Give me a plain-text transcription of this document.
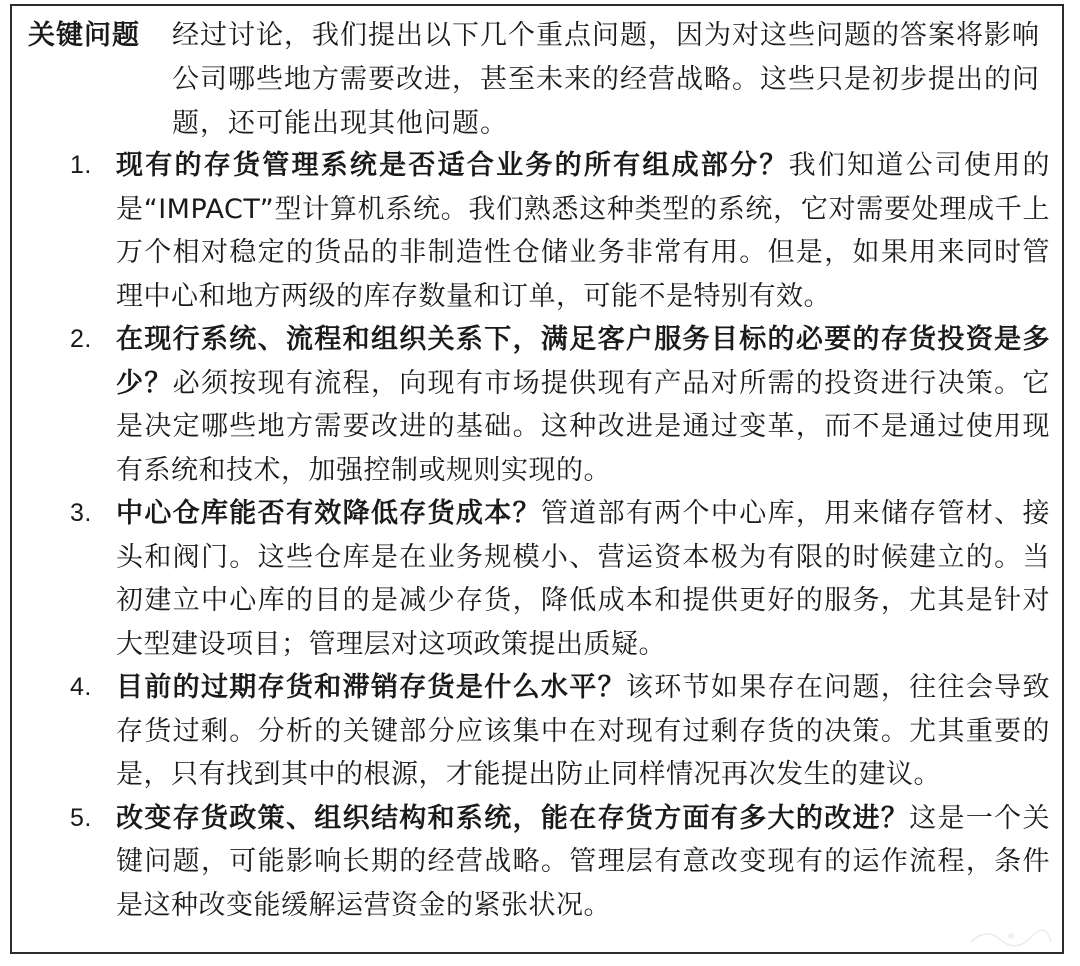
关键问题 经过讨论，我们提出以下几个重点问题，因为对这些问题的答案将影响公司哪些地方需要改进，甚至未来的经营战略。这些只是初步提出的问题，还可能出现其他问题。
1. 现有的存货管理系统是否适合业务的所有组成部分？我们知道公司使用的是“IMPACT”型计算机系统。我们熟悉这种类型的系统，它对需要处理成千上万个相对稳定的货品的非制造性仓储业务非常有用。但是，如果用来同时管理中心和地方两级的库存数量和订单，可能不是特别有效。
2. 在现行系统、流程和组织关系下，满足客户服务目标的必要的存货投资是多少？必须按现有流程，向现有市场提供现有产品对所需的投资进行决策。它是决定哪些地方需要改进的基础。这种改进是通过变革，而不是通过使用现有系统和技术，加强控制或规则实现的。
3. 中心仓库能否有效降低存货成本？管道部有两个中心库，用来储存管材、接头和阀门。这些仓库是在业务规模小、营运资本极为有限的时候建立的。当初建立中心库的目的是减少存货，降低成本和提供更好的服务，尤其是针对大型建设项目；管理层对这项政策提出质疑。
4. 目前的过期存货和滞销存货是什么水平？该环节如果存在问题，往往会导致存货过剩。分析的关键部分应该集中在对现有过剩存货的决策。尤其重要的是，只有找到其中的根源，才能提出防止同样情况再次发生的建议。
5. 改变存货政策、组织结构和系统，能在存货方面有多大的改进？这是一个关键问题，可能影响长期的经营战略。管理层有意改变现有的运作流程，条件是这种改变能缓解运营资金的紧张状况。
